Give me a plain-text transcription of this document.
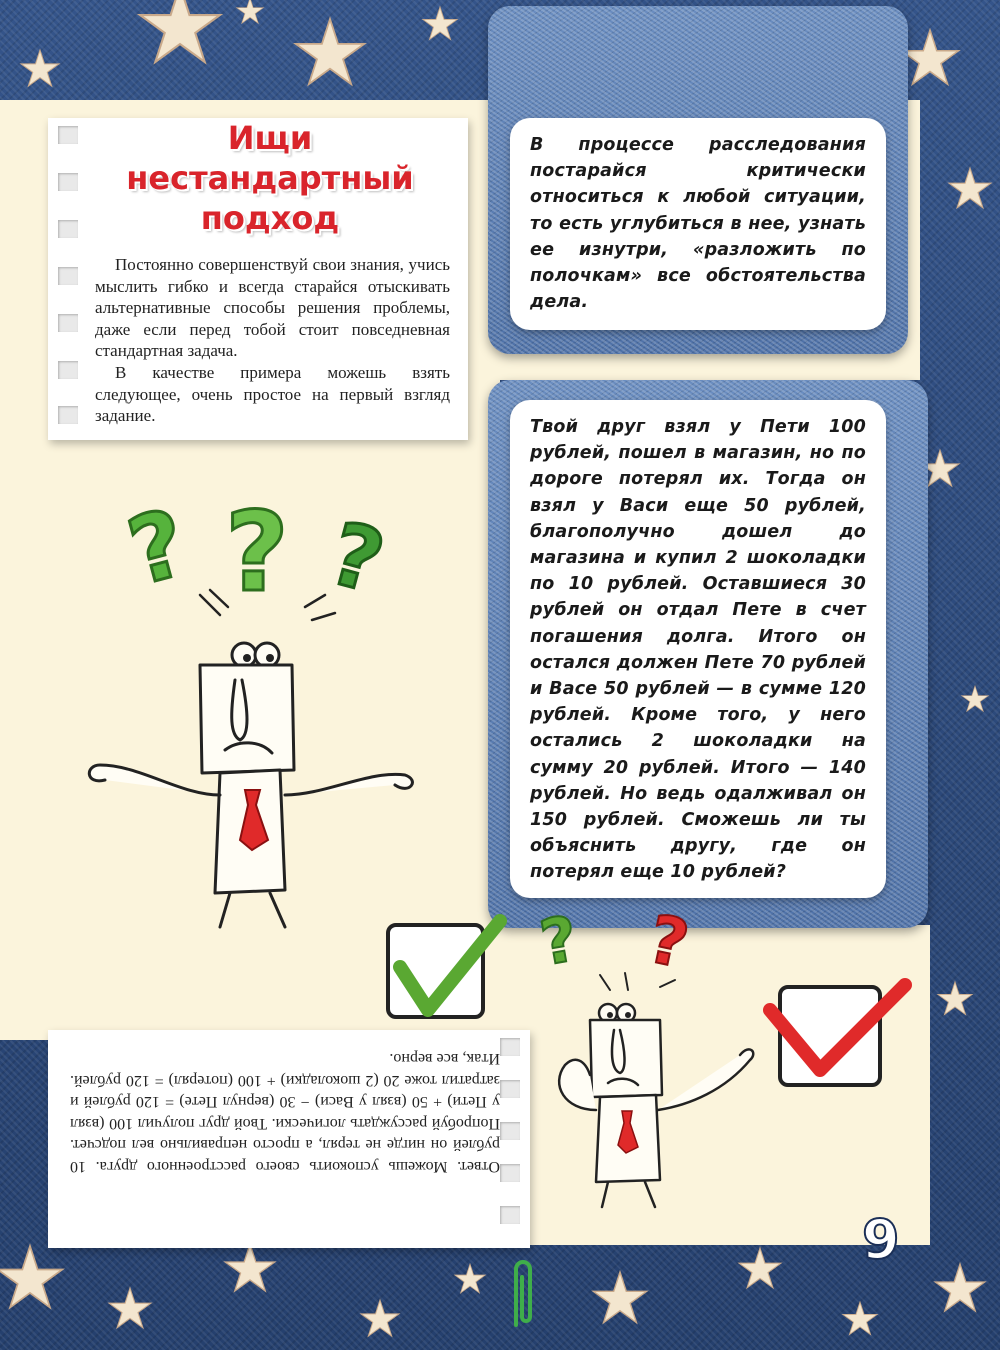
В процессе расследования постарайся критически относиться к любой ситуации, то есть углубиться в нее, узнать ее изнутри, «разложить по полочкам» все обстоятельства дела.
Твой друг взял у Пети 100 рублей, пошел в магазин, но по дороге потерял их. Тогда он взял у Васи еще 50 рублей, благополучно дошел до магазина и купил 2 шоколадки по 10 рублей. Оставшиеся 30 рублей он отдал Пете в счет погашения долга. Итого он остался должен Пете 70 рублей и Васе 50 рублей — в сумме 120 рублей. Кроме того, у него остались 2 шоколадки на сумму 20 рублей. Итого — 140 рублей. Но ведь одалживал он 150 рублей. Сможешь ли ты объяснить другу, где он потерял еще 10 рублей?
Ищи нестандартный подход

Постоянно совершенствуй свои знания, учись мыслить гибко и всегда старайся отыскивать альтернативные способы решения проблемы, даже если перед тобой стоит повседневная стандартная задача.

В качестве примера можешь взять следующее, очень простое на первый взгляд задание.

Ответ. Можешь успокоить своего расстроенного друга. 10 рублей он нигде не терял, а просто неправильно вел подсчет. Попробуй рассуждать логически. Твой друг получил 100 (взял у Пети) + 50 (взял у Васи) − 30 (вернул Пете) = 120 рублей и затратил тоже 20 (2 шоколадки) + 100 (потерял) = 120 рублей. Итак, все верно.
? ? ?
? ?
9
